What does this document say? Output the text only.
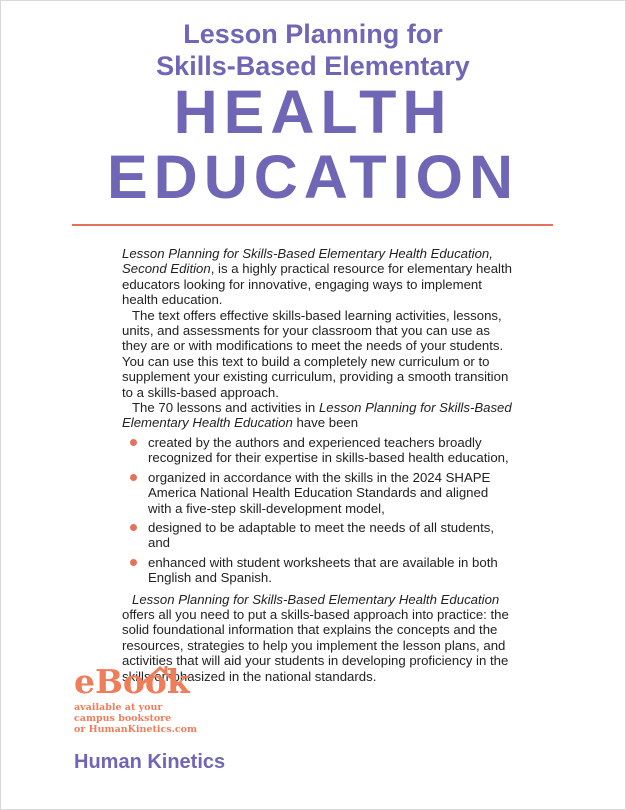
Lesson Planning for
Skills-Based Elementary
HEALTH
EDUCATION

Lesson Planning for Skills-Based Elementary Health Education, Second Edition, is a highly practical resource for elementary health educators looking for innovative, engaging ways to implement health education.

The text offers effective skills-based learning activities, lessons, units, and assessments for your classroom that you can use as they are or with modifications to meet the needs of your students. You can use this text to build a completely new curriculum or to supplement your existing curriculum, providing a smooth transition to a skills-based approach.

The 70 lessons and activities in Lesson Planning for Skills-Based Elementary Health Education have been

created by the authors and experienced teachers broadly recognized for their expertise in skills-based health education,
organized in accordance with the skills in the 2024 SHAPE America National Health Education Standards and aligned with a five-step skill-development model,
designed to be adaptable to meet the needs of all students, and
enhanced with student worksheets that are available in both English and Spanish.

Lesson Planning for Skills-Based Elementary Health Education offers all you need to put a skills-based approach into practice: the solid foundational information that explains the concepts and the resources, strategies to help you implement the lesson plans, and activities that will aid your students in developing proficiency in the skills emphasized in the national standards.

eBook

available at your
campus bookstore
or HumanKinetics.com

Human Kinetics
